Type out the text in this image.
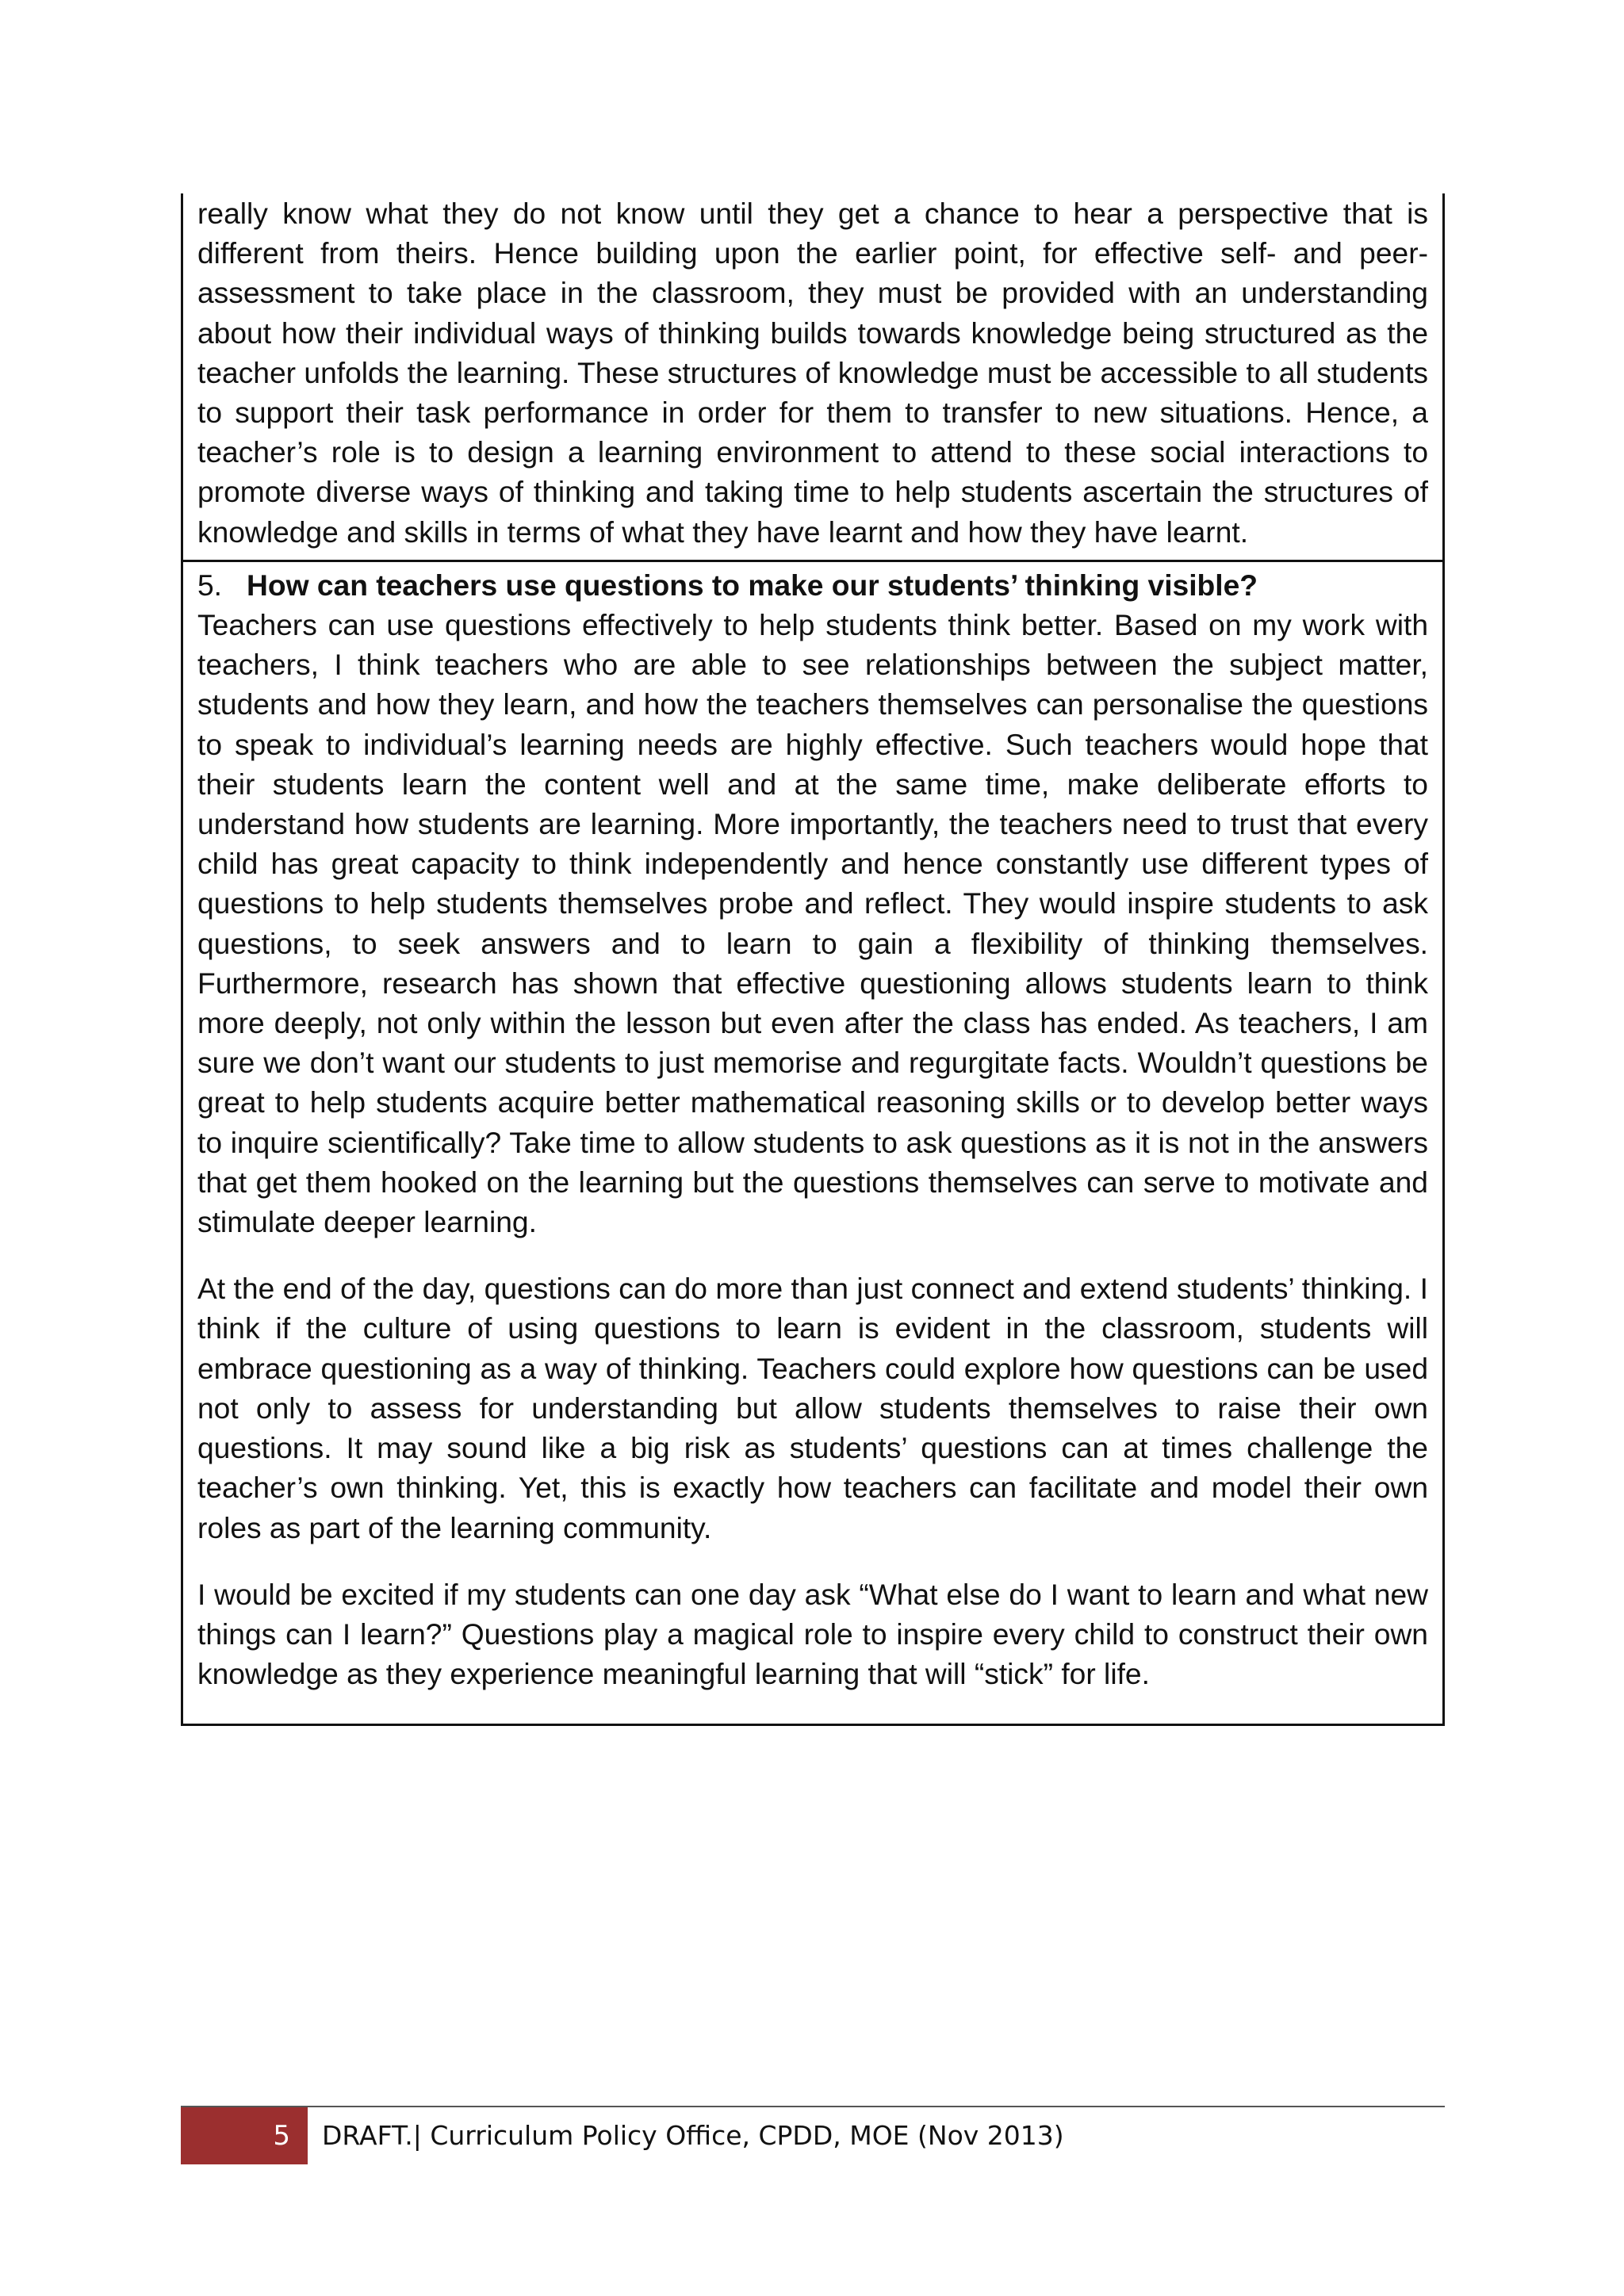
really know what they do not know until they get a chance to hear a perspective that is different from theirs. Hence building upon the earlier point, for effective self- and peer-assessment to take place in the classroom, they must be provided with an understanding about how their individual ways of thinking builds towards knowledge being structured as the teacher unfolds the learning. These structures of knowledge must be accessible to all students to support their task performance in order for them to transfer to new situations. Hence, a teacher’s role is to design a learning environment to attend to these social interactions to promote diverse ways of thinking and taking time to help students ascertain the structures of knowledge and skills in terms of what they have learnt and how they have learnt.

5. How can teachers use questions to make our students’ thinking visible?

Teachers can use questions effectively to help students think better. Based on my work with teachers, I think teachers who are able to see relationships between the subject matter, students and how they learn, and how the teachers themselves can personalise the questions to speak to individual’s learning needs are highly effective. Such teachers would hope that their students learn the content well and at the same time, make deliberate efforts to understand how students are learning. More importantly, the teachers need to trust that every child has great capacity to think independently and hence constantly use different types of questions to help students themselves probe and reflect. They would inspire students to ask questions, to seek answers and to learn to gain a flexibility of thinking themselves. Furthermore, research has shown that effective questioning allows students learn to think more deeply, not only within the lesson but even after the class has ended. As teachers, I am sure we don’t want our students to just memorise and regurgitate facts. Wouldn’t questions be great to help students acquire better mathematical reasoning skills or to develop better ways to inquire scientifically? Take time to allow students to ask questions as it is not in the answers that get them hooked on the learning but the questions themselves can serve to motivate and stimulate deeper learning.

At the end of the day, questions can do more than just connect and extend students’ thinking. I think if the culture of using questions to learn is evident in the classroom, students will embrace questioning as a way of thinking. Teachers could explore how questions can be used not only to assess for understanding but allow students themselves to raise their own questions. It may sound like a big risk as students’ questions can at times challenge the teacher’s own thinking. Yet, this is exactly how teachers can facilitate and model their own roles as part of the learning community.

I would be excited if my students can one day ask “What else do I want to learn and what new things can I learn?” Questions play a magical role to inspire every child to construct their own knowledge as they experience meaningful learning that will “stick” for life.

5	DRAFT.| Curriculum Policy Office, CPDD, MOE (Nov 2013)
